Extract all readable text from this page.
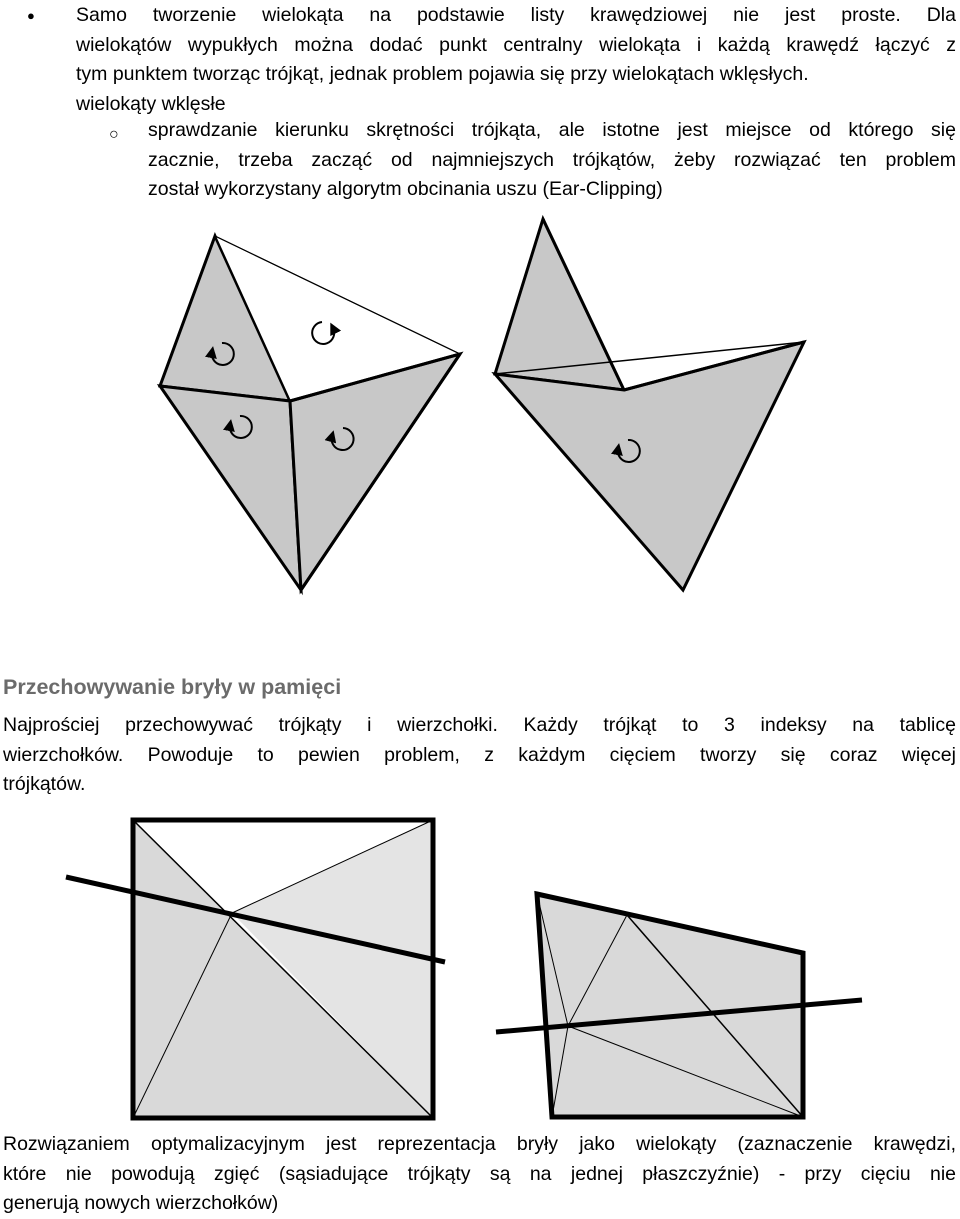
● Samo tworzenie wielokąta na podstawie listy krawędziowej nie jest proste. Dla
wielokątów wypukłych można dodać punkt centralny wielokąta i każdą krawędź łączyć z
tym punktem tworząc trójkąt, jednak problem pojawia się przy wielokątach wklęsłych.
wielokąty wklęsłe
○ sprawdzanie kierunku skrętności trójkąta, ale istotne jest miejsce od którego się
zacznie, trzeba zacząć od najmniejszych trójkątów, żeby rozwiązać ten problem
został wykorzystany algorytm obcinania uszu (Ear-Clipping)
Przechowywanie bryły w pamięci
Najprościej przechowywać trójkąty i wierzchołki. Każdy trójkąt to 3 indeksy na tablicę
wierzchołków. Powoduje to pewien problem, z każdym cięciem tworzy się coraz więcej
trójkątów.
Rozwiązaniem optymalizacyjnym jest reprezentacja bryły jako wielokąty (zaznaczenie krawędzi,
które nie powodują zgięć (sąsiadujące trójkąty są na jednej płaszczyźnie) - przy cięciu nie
generują nowych wierzchołków)
